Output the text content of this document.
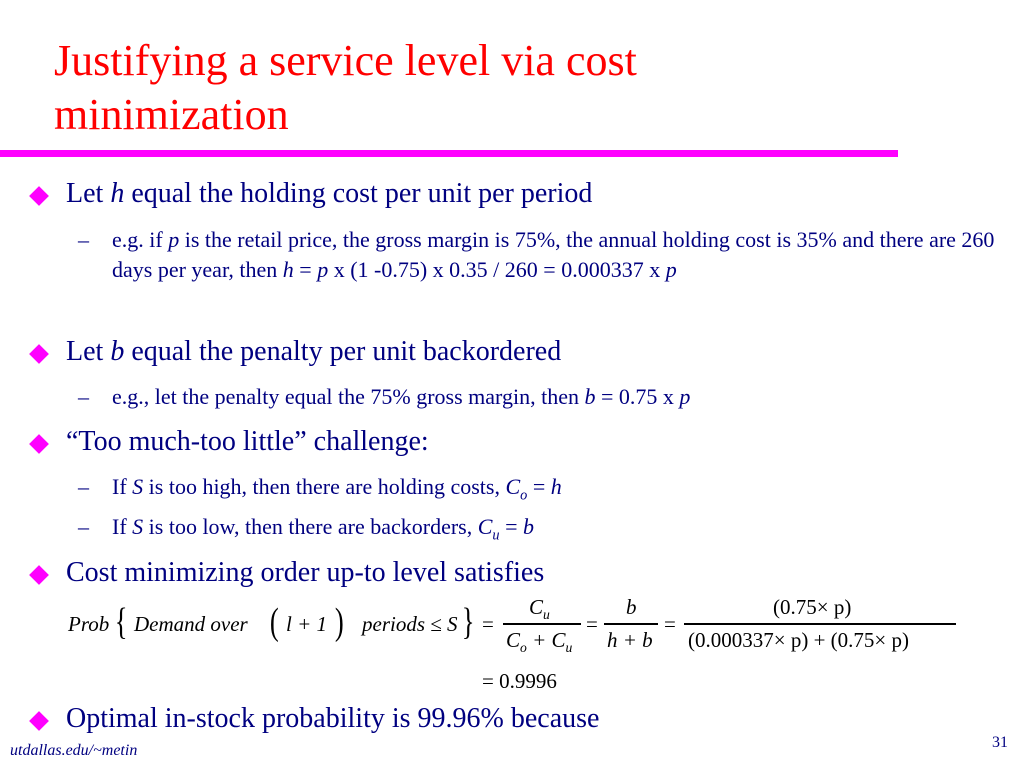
Justifying a service level via cost
minimization
Let h equal the holding cost per unit per period
– e.g. if p is the retail price, the gross margin is 75%, the annual holding cost is 35% and there are 260 days per year, then h = p x (1 -0.75) x 0.35 / 260 = 0.000337 x p
Let b equal the penalty per unit backordered
– e.g., let the penalty equal the 75% gross margin, then b = 0.75 x p
“Too much-too little” challenge:
– If S is too high, then there are holding costs, $C_o = h$
– If S is too low, then there are backorders, $C_u = b$
Cost minimizing order up-to level satisfies
Prob { Demand over ( l + 1 ) periods ≤ S } =
$C_u$
$C_o + C_u$
=
b
h + b
=
(0.75× p)
(0.000337× p) + (0.75× p)
= 0.9996
Optimal in-stock probability is 99.96% because
utdallas.edu/~metin	31
